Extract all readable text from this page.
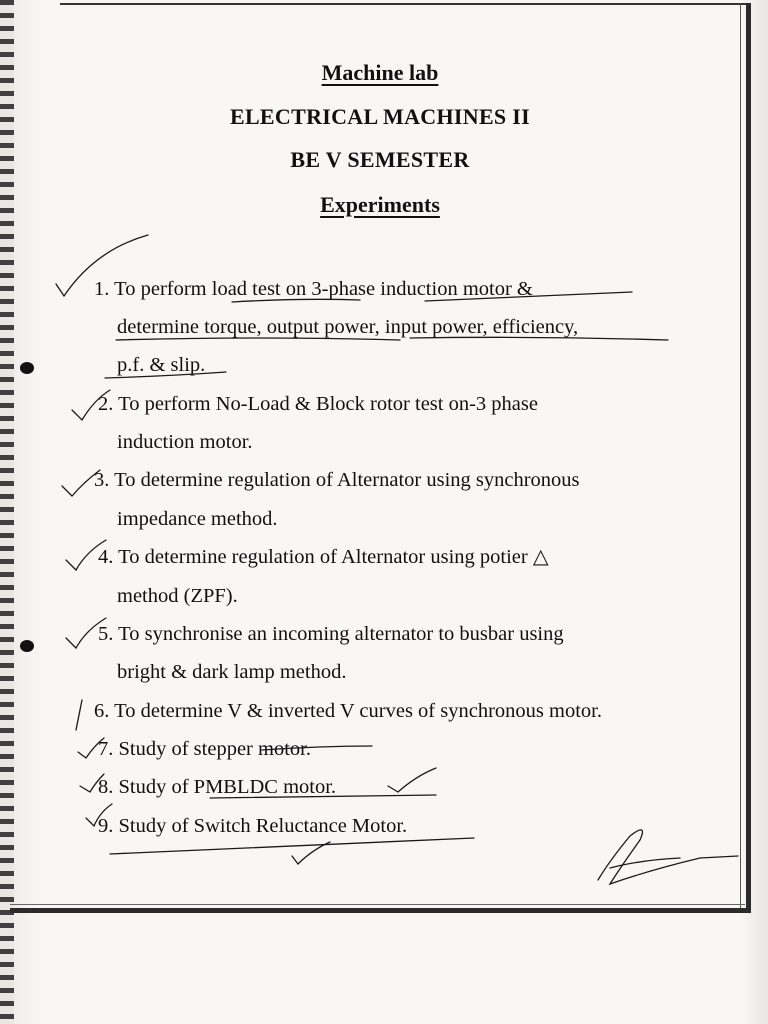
Machine lab
ELECTRICAL MACHINES II
BE V SEMESTER
Experiments
1. To perform load test on 3-phase induction motor &
determine torque, output power, input power, efficiency,
p.f. & slip.
2. To perform No-Load & Block rotor test on-3 phase
induction motor.
3. To determine regulation of Alternator using synchronous
impedance method.
4. To determine regulation of Alternator using potier △
method (ZPF).
5. To synchronise an incoming alternator to busbar using
bright & dark lamp method.
6. To determine V & inverted V curves of synchronous motor.
7. Study of stepper motor.
8. Study of PMBLDC motor.
9. Study of Switch Reluctance Motor.
